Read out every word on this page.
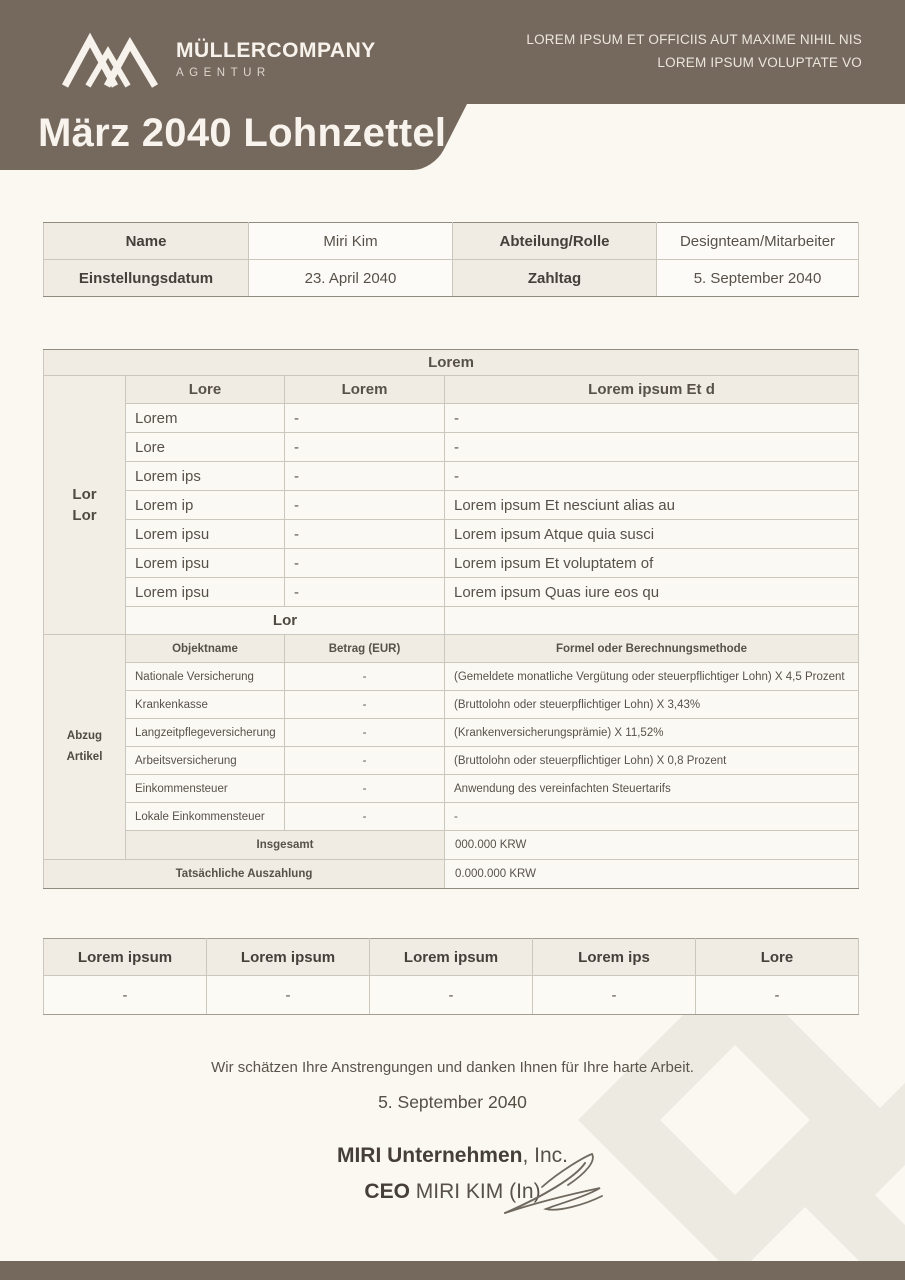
MÜLLERCOMPANY
AGENTUR
LOREM IPSUM ET OFFICIIS AUT MAXIME NIHIL NIS
LOREM IPSUM VOLUPTATE VO
März 2040 Lohnzettel
Name	Miri Kim	Abteilung/Rolle	Designteam/Mitarbeiter
Einstellungsdatum	23. April 2040	Zahltag	5. September 2040
Lorem			

Lor
Lor	Lore	Lorem	Lorem ipsum Et d
	Lorem	-	-
	Lore	-	-
	Lorem ips	-	-
	Lorem ip	-	Lorem ipsum Et nesciunt alias au
	Lorem ipsu	-	Lorem ipsum Atque quia susci
	Lorem ipsu	-	Lorem ipsum Et voluptatem of
	Lorem ipsu	-	Lorem ipsum Quas iure eos qu
	Lor		

Abzug
Artikel	Objektname	Betrag (EUR)	Formel oder Berechnungsmethode
	Nationale Versicherung	-	(Gemeldete monatliche Vergütung oder steuerpflichtiger Lohn) X 4,5 Prozent
	Krankenkasse	-	(Bruttolohn oder steuerpflichtiger Lohn) X 3,43%
	Langzeitpflegeversicherung	-	(Krankenversicherungsprämie) X 11,52%
	Arbeitsversicherung	-	(Bruttolohn oder steuerpflichtiger Lohn) X 0,8 Prozent
	Einkommensteuer	-	Anwendung des vereinfachten Steuertarifs
	Lokale Einkommensteuer	-	-
	Insgesamt		000.000 KRW
Tatsächliche Auszahlung			0.000.000 KRW
Lorem ipsum	Lorem ipsum	Lorem ipsum	Lorem ips	Lore
-	-	-	-	-
Wir schätzen Ihre Anstrengungen und danken Ihnen für Ihre harte Arbeit.
5. September 2040
MIRI Unternehmen, Inc.
CEO MIRI KIM (In)
